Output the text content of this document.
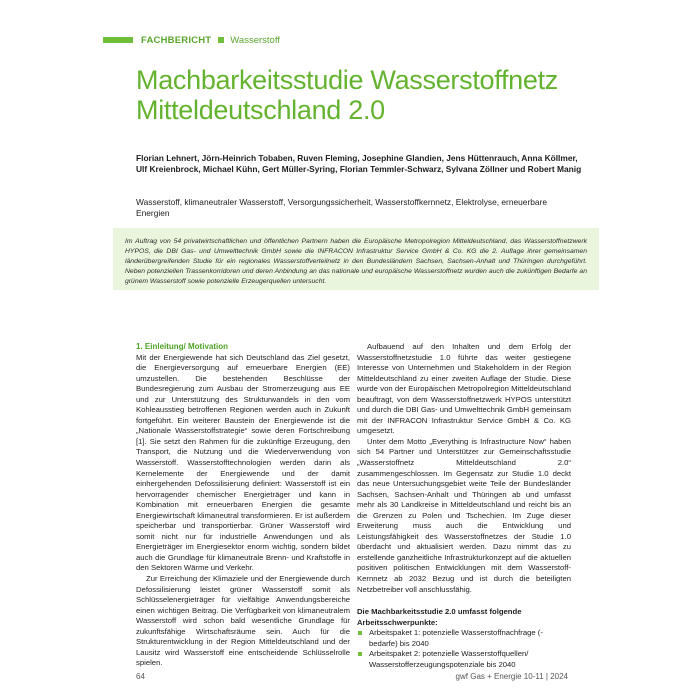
FACHBERICHT Wasserstoff
Machbarkeitsstudie Wasserstoffnetz Mitteldeutschland 2.0
Florian Lehnert, Jörn-Heinrich Tobaben, Ruven Fleming, Josephine Glandien, Jens Hüttenrauch, Anna Köllmer, Ulf Kreienbrock, Michael Kühn, Gert Müller-Syring, Florian Temmler-Schwarz, Sylvana Zöllner und Robert Manig
Wasserstoff, klimaneutraler Wasserstoff, Versorgungssicherheit, Wasserstoffkernnetz, Elektrolyse, erneuerbare Energien
Im Auftrag von 54 privatwirtschaftlichen und öffentlichen Partnern haben die Europäische Metropolregion Mitteldeutschland, das Wasserstoffnetzwerk HYPOS, die DBI Gas- und Umwelttechnik GmbH sowie die INFRACON Infrastruktur Service GmbH & Co. KG die 2. Auflage ihrer gemeinsamen länderübergreifenden Studie für ein regionales Wasserstoffverteilnetz in den Bundesländern Sachsen, Sachsen-Anhalt und Thüringen durchgeführt. Neben potenziellen Trassenkorridoren und deren Anbindung an das nationale und europäische Wasserstoffnetz wurden auch die zukünftigen Bedarfe an grünem Wasserstoff sowie potenzielle Erzeugerquellen untersucht.

1. Einleitung/ Motivation

Mit der Energiewende hat sich Deutschland das Ziel gesetzt, die Energieversorgung auf erneuerbare Energien (EE) umzustellen. Die bestehenden Beschlüsse der Bundesregierung zum Ausbau der Stromerzeugung aus EE und zur Unterstützung des Strukturwandels in den vom Kohleausstieg betroffenen Regionen werden auch in Zukunft fortgeführt. Ein weiterer Baustein der Energiewende ist die „Nationale Wasserstoffstrategie“ sowie deren Fortschreibung [1]. Sie setzt den Rahmen für die zukünftige Erzeugung, den Transport, die Nutzung und die Wiederverwendung von Wasserstoff. Wasserstofftechnologien werden darin als Kernelemente der Energiewende und der damit einhergehenden Defossilisierung definiert: Wasserstoff ist ein hervorragender chemischer Energieträger und kann in Kombination mit erneuerbaren Energien die gesamte Energiewirtschaft klimaneutral transformieren. Er ist außerdem speicherbar und transportierbar. Grüner Wasserstoff wird somit nicht nur für industrielle Anwendungen und als Energieträger im Energiesektor enorm wichtig, sondern bildet auch die Grundlage für klimaneutrale Brenn- und Kraftstoffe in den Sektoren Wärme und Verkehr.

Zur Erreichung der Klimaziele und der Energiewende durch Defossilisierung leistet grüner Wasserstoff somit als Schlüsselenergieträger für vielfältige Anwendungsbereiche einen wichtigen Beitrag. Die Verfügbarkeit von klimaneutralem Wasserstoff wird schon bald wesentliche Grundlage für zukunftsfähige Wirtschaftsräume sein. Auch für die Strukturentwicklung in der Region Mitteldeutschland und der Lausitz wird Wasserstoff eine entscheidende Schlüsselrolle spielen.

Aufbauend auf den Inhalten und dem Erfolg der Wasserstoffnetzstudie 1.0 führte das weiter gestiegene Interesse von Unternehmen und Stakeholdern in der Region Mitteldeutschland zu einer zweiten Auflage der Studie. Diese wurde von der Europäischen Metropolregion Mitteldeutschland beauftragt, von dem Wasserstoffnetzwerk HYPOS unterstützt und durch die DBI Gas- und Umwelttechnik GmbH gemeinsam mit der INFRACON Infrastruktur Service GmbH & Co. KG umgesetzt.

Unter dem Motto „Everything is Infrastructure Now“ haben sich 54 Partner und Unterstützer zur Gemeinschaftsstudie „Wasserstoffnetz Mitteldeutschland 2.0“ zusammengeschlossen. Im Gegensatz zur Studie 1.0 deckt das neue Untersuchungsgebiet weite Teile der Bundesländer Sachsen, Sachsen-Anhalt und Thüringen ab und umfasst mehr als 30 Landkreise in Mitteldeutschland und reicht bis an die Grenzen zu Polen und Tschechien. Im Zuge dieser Erweiterung muss auch die Entwicklung und Leistungsfähigkeit des Wasserstoffnetzes der Studie 1.0 überdacht und aktualisiert werden. Dazu nimmt das zu erstellende ganzheitliche Infrastrukturkonzept auf die aktuellen positiven politischen Entwicklungen mit dem Wasserstoff-Kernnetz ab 2032 Bezug und ist durch die beteiligten Netzbetreiber voll anschlussfähig.

Die Machbarkeitsstudie 2.0 umfasst folgende Arbeitsschwerpunkte:

Arbeitspaket 1: potenzielle Wasserstoffnachfrage (-bedarfe) bis 2040
Arbeitspaket 2: potenzielle Wasserstoffquellen/ Wasserstofferzeugungspotenziale bis 2040
64	gwf Gas + Energie 10-11 | 2024
